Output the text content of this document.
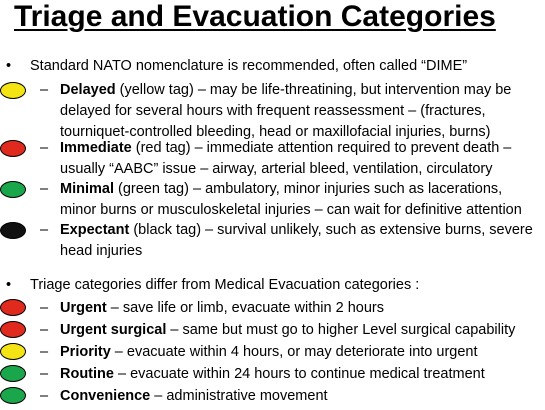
Triage and Evacuation Categories
• Standard NATO nomenclature is recommended, often called “DIME”
– Delayed (yellow tag) – may be life-threatining, but intervention may be delayed for several hours with frequent reassessment – (fractures, tourniquet-controlled bleeding, head or maxillofacial injuries, burns)
– Immediate (red tag) – immediate attention required to prevent death – usually “AABC” issue – airway, arterial bleed, ventilation, circulatory
– Minimal (green tag) – ambulatory, minor injuries such as lacerations, minor burns or musculoskeletal injuries – can wait for definitive attention
– Expectant (black tag) – survival unlikely, such as extensive burns, severe head injuries
• Triage categories differ from Medical Evacuation categories :
– Urgent – save life or limb, evacuate within 2 hours
– Urgent surgical – same but must go to higher Level surgical capability
– Priority – evacuate within 4 hours, or may deteriorate into urgent
– Routine – evacuate within 24 hours to continue medical treatment
– Convenience – administrative movement
